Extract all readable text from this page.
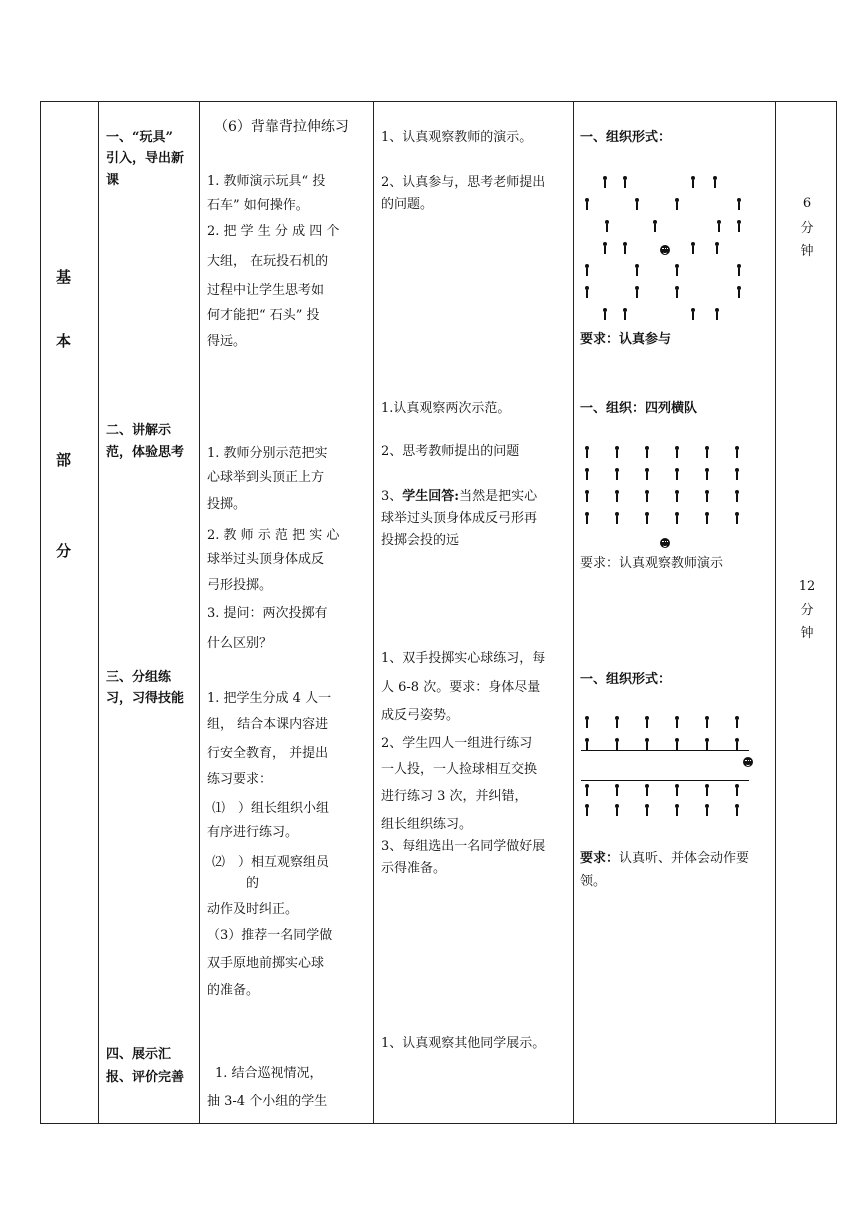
基
本
部
分
一、“玩具”
引入，导出新
课
二、讲解示
范，体验思考
三、分组练
习，习得技能
四、展示汇
报、评价完善
（6）背靠背拉伸练习
1. 教师演示玩具“ 投
石车” 如何操作。
2. 把 学 生 分 成 四 个
大组， 在玩投石机的
过程中让学生思考如
何才能把“ 石头” 投
得远。
1. 教师分别示范把实
心球举到头顶正上方
投掷。
2. 教 师 示 范 把 实 心
球举过头顶身体成反
弓形投掷。
3. 提问：两次投掷有
什么区别？
1. 把学生分成 4 人一
组， 结合本课内容进
行安全教育， 并提出
练习要求：
⑴　）组长组织小组
有序进行练习。
⑵　）相互观察组员
的
动作及时纠正。
（3）推荐一名同学做
双手原地前掷实心球
的准备。
1. 结合巡视情况，
抽 3-4 个小组的学生
1、认真观察教师的演示。
2、认真参与，思考老师提出
的问题。
1.认真观察两次示范。
2、思考教师提出的问题
3、学生回答:当然是把实心
球举过头顶身体成反弓形再
投掷会投的远
1、双手投掷实心球练习，每
人 6-8 次。要求：身体尽量
成反弓姿势。
2、学生四人一组进行练习
一人投，一人捡球相互交换
进行练习 3 次，并纠错，
组长组织练习。
3、每组选出一名同学做好展
示得准备。
1、认真观察其他同学展示。
一、组织形式：
要求：认真参与
一、组织：四列横队
要求：认真观察教师演示
一、组织形式：
要求：认真听、并体会动作要
领。
6
分
钟
12
分
钟
